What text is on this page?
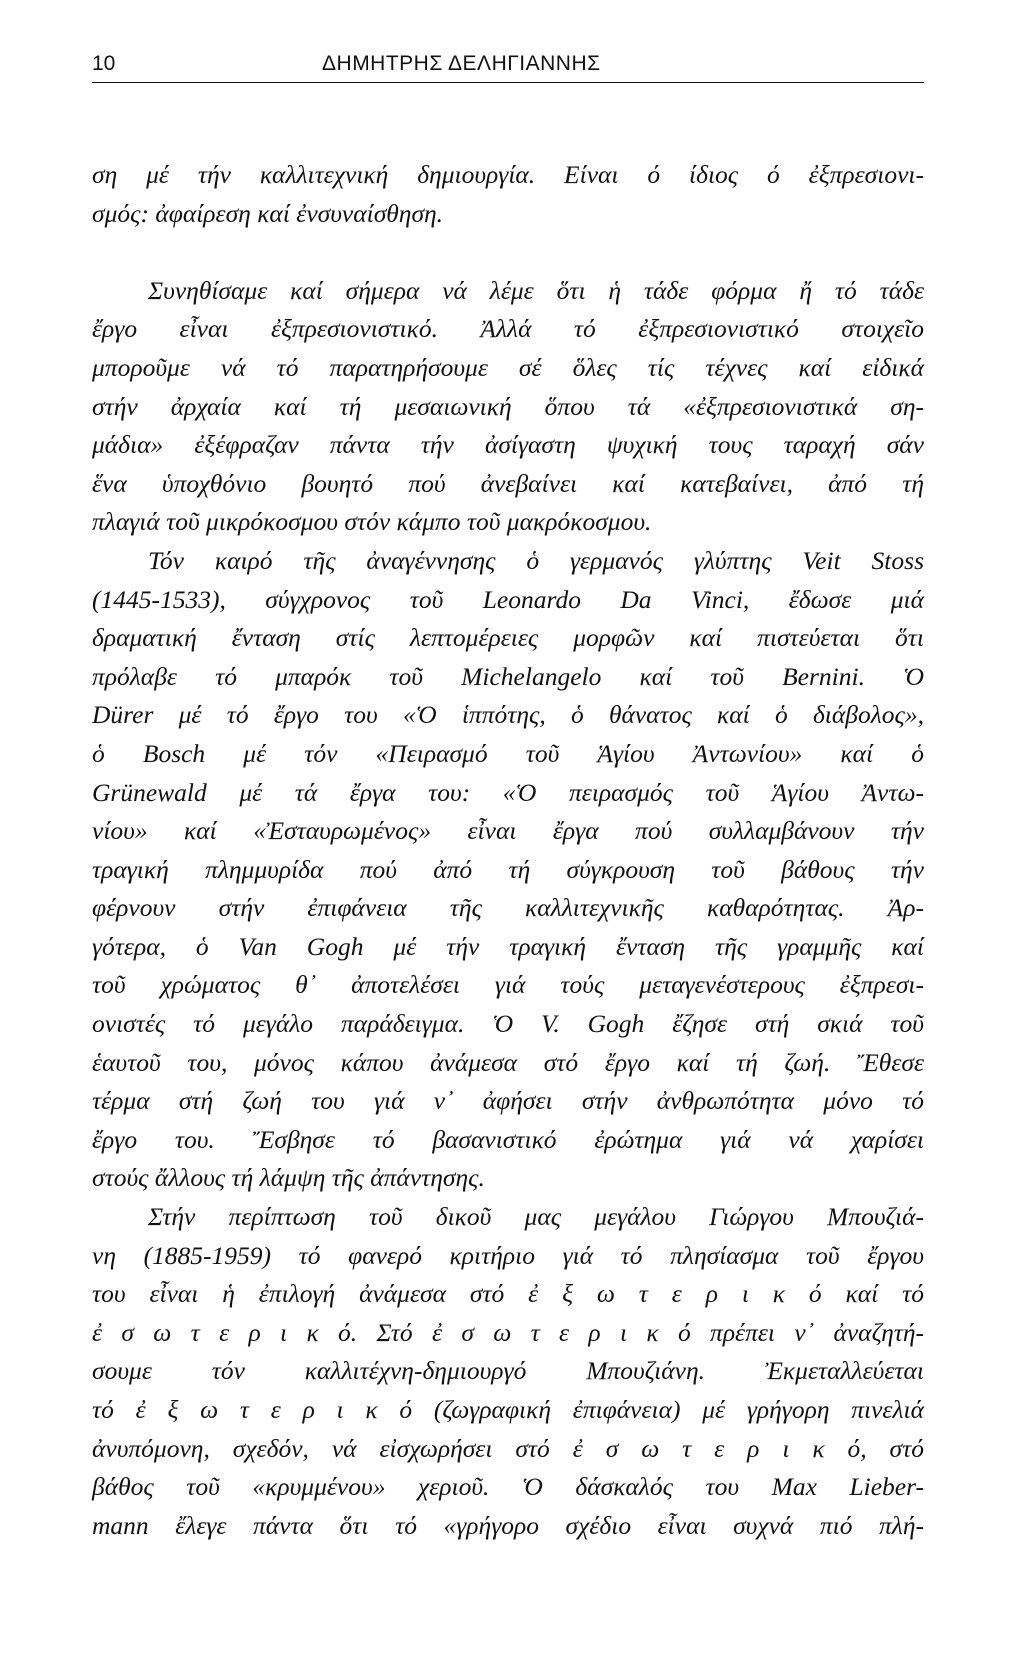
10	ΔΗΜΗΤΡΗΣ ΔΕΛΗΓΙΑΝΝΗΣ
ση μέ τήν καλλιτεχνική δημιουργία. Είναι ό ίδιος ό ἐξπρεσιονι-
σμός: ἀφαίρεση καί ἐνσυναίσθηση.
Συνηθίσαμε καί σήμερα νά λέμε ὅτι ἡ τάδε φόρμα ἤ τό τάδε
ἔργο εἶναι ἐξπρεσιονιστικό. Ἀλλά τό ἐξπρεσιονιστικό στοιχεῖο
μποροῦμε νά τό παρατηρήσουμε σέ ὅλες τίς τέχνες καί εἰδικά
στήν ἀρχαία καί τή μεσαιωνική ὅπου τά «ἐξπρεσιονιστικά ση-
μάδια» ἐξέφραζαν πάντα τήν ἀσίγαστη ψυχική τους ταραχή σάν
ἕνα ὑποχθόνιο βουητό πού ἀνεβαίνει καί κατεβαίνει, ἀπό τή
πλαγιά τοῦ μικρόκοσμου στόν κάμπο τοῦ μακρόκοσμου.
Τόν καιρό τῆς ἀναγέννησης ὁ γερμανός γλύπτης Veit Stoss
(1445-1533), σύγχρονος τοῦ Leonardo Da Vinci, ἔδωσε μιά
δραματική ἔνταση στίς λεπτομέρειες μορφῶν καί πιστεύεται ὅτι
πρόλαβε τό μπαρόκ τοῦ Michelangelo καί τοῦ Bernini. Ὁ
Dürer μέ τό ἔργο του «Ὁ ἱππότης, ὁ θάνατος καί ὁ διάβολος»,
ὁ Bosch μέ τόν «Πειρασμό τοῦ Ἁγίου Ἀντωνίου» καί ὁ
Grünewald μέ τά ἔργα του: «Ὁ πειρασμός τοῦ Ἁγίου Ἀντω-
νίου» καί «Ἐσταυρωμένος» εἶναι ἔργα πού συλλαμβάνουν τήν
τραγική πλημμυρίδα πού ἀπό τή σύγκρουση τοῦ βάθους τήν
φέρνουν στήν ἐπιφάνεια τῆς καλλιτεχνικῆς καθαρότητας. Ἀρ-
γότερα, ὁ Van Gogh μέ τήν τραγική ἔνταση τῆς γραμμῆς καί
τοῦ χρώματος θ᾽ ἀποτελέσει γιά τούς μεταγενέστερους ἐξπρεσι-
ονιστές τό μεγάλο παράδειγμα. Ὁ V. Gogh ἔζησε στή σκιά τοῦ
ἑαυτοῦ του, μόνος κάπου ἀνάμεσα στό ἔργο καί τή ζωή. Ἔθεσε
τέρμα στή ζωή του γιά ν᾽ ἀφήσει στήν ἀνθρωπότητα μόνο τό
ἔργο του. Ἔσβησε τό βασανιστικό ἐρώτημα γιά νά χαρίσει
στούς ἄλλους τή λάμψη τῆς ἀπάντησης.
Στήν περίπτωση τοῦ δικοῦ μας μεγάλου Γιώργου Μπουζιά-
νη (1885-1959) τό φανερό κριτήριο γιά τό πλησίασμα τοῦ ἔργου
του εἶναι ἡ ἐπιλογή ἀνάμεσα στό ἐ ξ ω τ ε ρ ι κ ό καί τό
ἐ σ ω τ ε ρ ι κ ό. Στό ἐ σ ω τ ε ρ ι κ ό πρέπει ν᾽ ἀναζητή-
σουμε τόν καλλιτέχνη-δημιουργό Μπουζιάνη. Ἐκμεταλλεύεται
τό ἐ ξ ω τ ε ρ ι κ ό (ζωγραφική ἐπιφάνεια) μέ γρήγορη πινελιά
ἀνυπόμονη, σχεδόν, νά εἰσχωρήσει στό ἐ σ ω τ ε ρ ι κ ό, στό
βάθος τοῦ «κρυμμένου» χεριοῦ. Ὁ δάσκαλός του Max Lieber-
mann ἔλεγε πάντα ὅτι τό «γρήγορο σχέδιο εἶναι συχνά πιό πλή-
